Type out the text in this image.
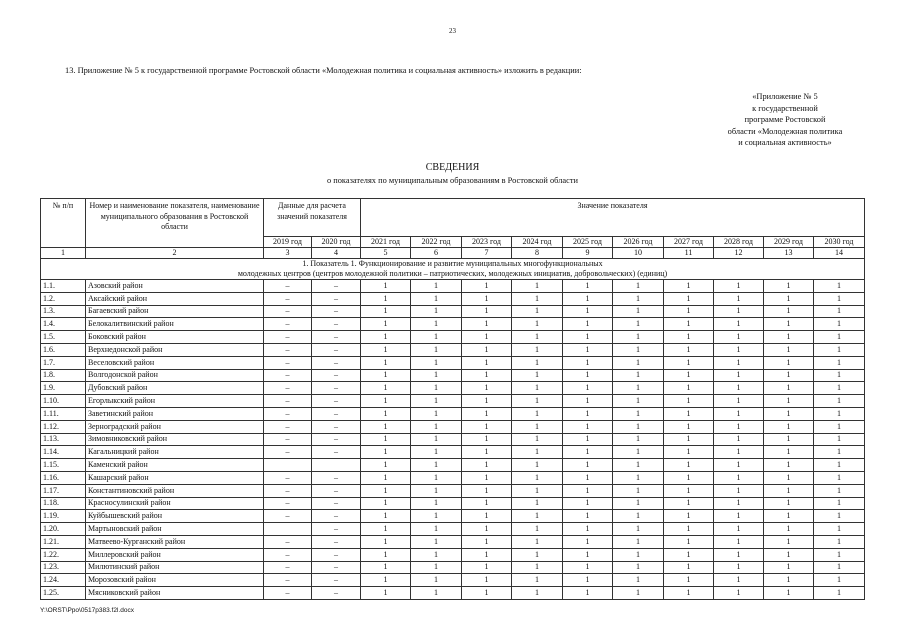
23
13. Приложение № 5 к государственной программе Ростовской области «Молодежная политика и социальная активность» изложить в редакции:
«Приложение № 5
к государственной
программе Ростовской
области «Молодежная политика
и социальная активность»
СВЕДЕНИЯ
о показателях по муниципальным образованиям в Ростовской области
№ п/п	Номер и наименование показателя, наименование муниципального образования в Ростовской области	Данные для расчета значений показателя		Значение показателя									
		2019 год	2020 год	2021 год	2022 год	2023 год	2024 год	2025 год	2026 год	2027 год	2028 год	2029 год	2030 год
1	2	3	4	5	6	7	8	9	10	11	12	13	14

1. Показатель 1. Функционирование и развитие муниципальных многофункциональных
молодежных центров (центров молодежной политики – патриотических, молодежных инициатив, добровольческих) (единиц)													

1.1.	Азовский район	–	–	1	1	1	1	1	1	1	1	1	1
1.2.	Аксайский район	–	–	1	1	1	1	1	1	1	1	1	1
1.3.	Багаевский район	–	–	1	1	1	1	1	1	1	1	1	1
1.4.	Белокалитвинский район	–	–	1	1	1	1	1	1	1	1	1	1
1.5.	Боковский район	–	–	1	1	1	1	1	1	1	1	1	1
1.6.	Верхнедонской район	–	–	1	1	1	1	1	1	1	1	1	1
1.7.	Веселовский район	–	–	1	1	1	1	1	1	1	1	1	1
1.8.	Волгодонской район	–	–	1	1	1	1	1	1	1	1	1	1
1.9.	Дубовский район	–	–	1	1	1	1	1	1	1	1	1	1
1.10.	Егорлыкский район	–	–	1	1	1	1	1	1	1	1	1	1
1.11.	Заветинский район	–	–	1	1	1	1	1	1	1	1	1	1
1.12.	Зерноградский район	–	–	1	1	1	1	1	1	1	1	1	1
1.13.	Зимовниковский район	–	–	1	1	1	1	1	1	1	1	1	1
1.14.	Кагальницкий район	–	–	1	1	1	1	1	1	1	1	1	1
1.15.	Каменский район			1	1	1	1	1	1	1	1	1	1
1.16.	Кашарский район	–	–	1	1	1	1	1	1	1	1	1	1
1.17.	Константиновский район	–	–	1	1	1	1	1	1	1	1	1	1
1.18.	Красносулинский район	–	–	1	1	1	1	1	1	1	1	1	1
1.19.	Куйбышевский район	–	–	1	1	1	1	1	1	1	1	1	1
1.20.	Мартыновский район		–	1	1	1	1	1	1	1	1	1	1
1.21.	Матвеево-Курганский район	–	–	1	1	1	1	1	1	1	1	1	1
1.22.	Миллеровский район	–	–	1	1	1	1	1	1	1	1	1	1
1.23.	Милютинский район	–	–	1	1	1	1	1	1	1	1	1	1
1.24.	Морозовский район	–	–	1	1	1	1	1	1	1	1	1	1
1.25.	Мясниковский район	–	–	1	1	1	1	1	1	1	1	1	1
Y:\ORST\Ppo\0517p383.f2l.docx
